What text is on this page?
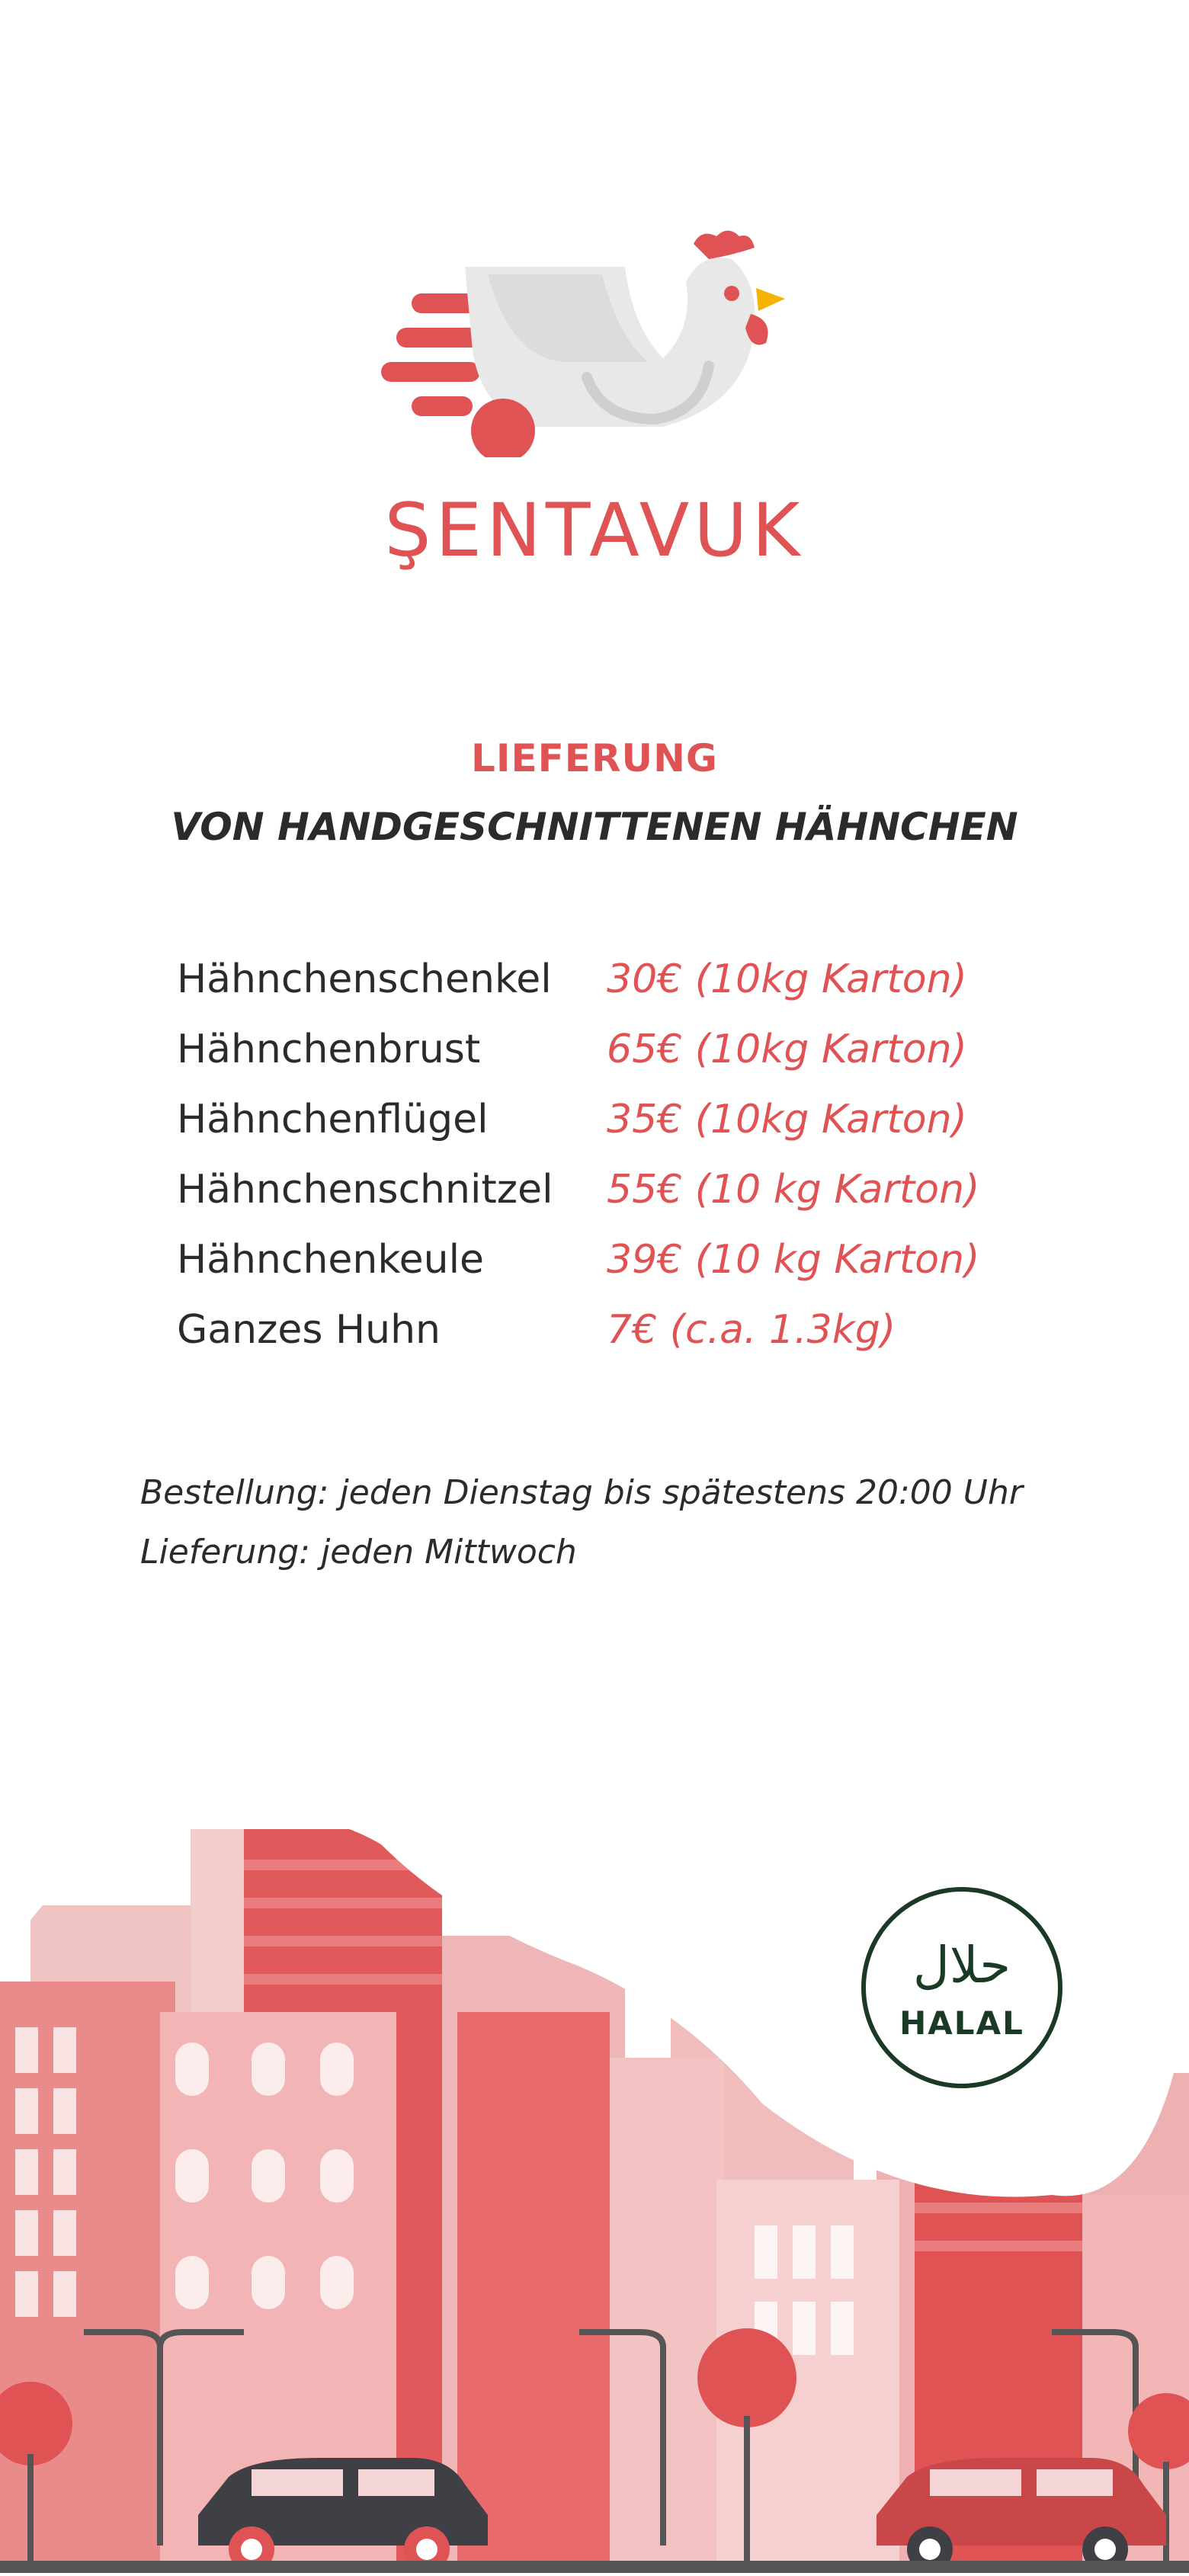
ŞENTAVUK
LIEFERUNG
VON HANDGESCHNITTENEN HÄHNCHEN
Hähnchenschenkel 30€ (10kg Karton)
Hähnchenbrust	65€ (10kg Karton)
Hähnchenflügel	35€ (10kg Karton)
Hähnchenschnitzel 55€ (10 kg Karton)
Hähnchenkeule	39€ (10 kg Karton)
Ganzes Huhn	7€ (c.a. 1.3kg)
Bestellung: jeden Dienstag bis spätestens 20:00 Uhr
Lieferung: jeden Mittwoch
حلال
HALAL
